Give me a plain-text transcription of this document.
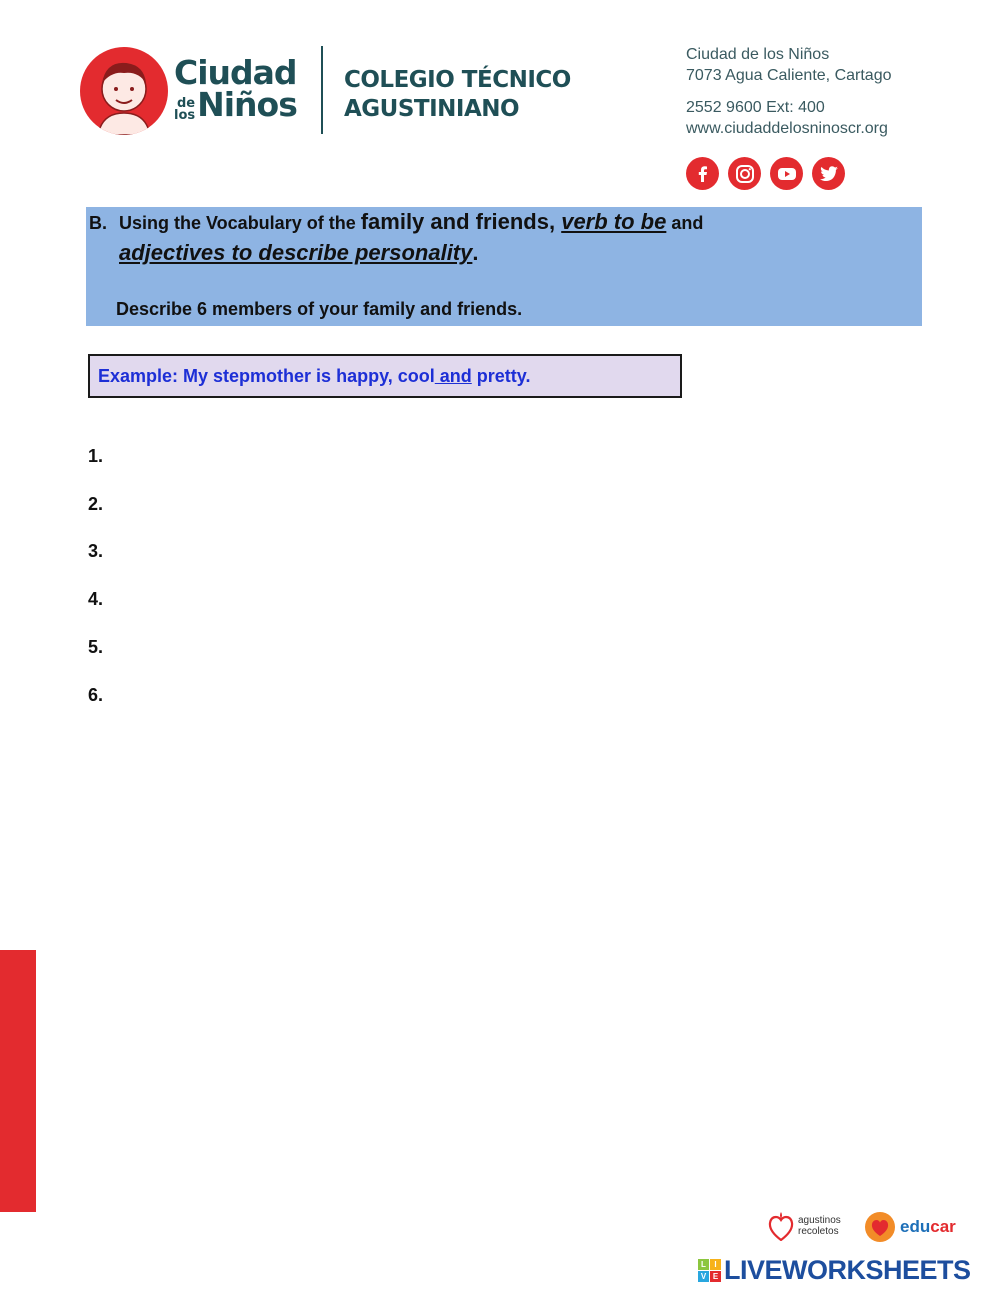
Ciudad
de
los Niños
COLEGIO TÉCNICO
AGUSTINIANO
Ciudad de los Niños
7073 Agua Caliente, Cartago
2552 9600 Ext: 400
www.ciudaddelosninoscr.org
B. Using the Vocabulary of the family and friends, verb to be and
adjectives to describe personality.
Describe 6 members of your family and friends.
Example: My stepmother is happy, cool and pretty.
1.
2.
3.
4.
5.
6.
agustinos
recoletos	educar
L	I
V E LIVEWORKSHEETS
